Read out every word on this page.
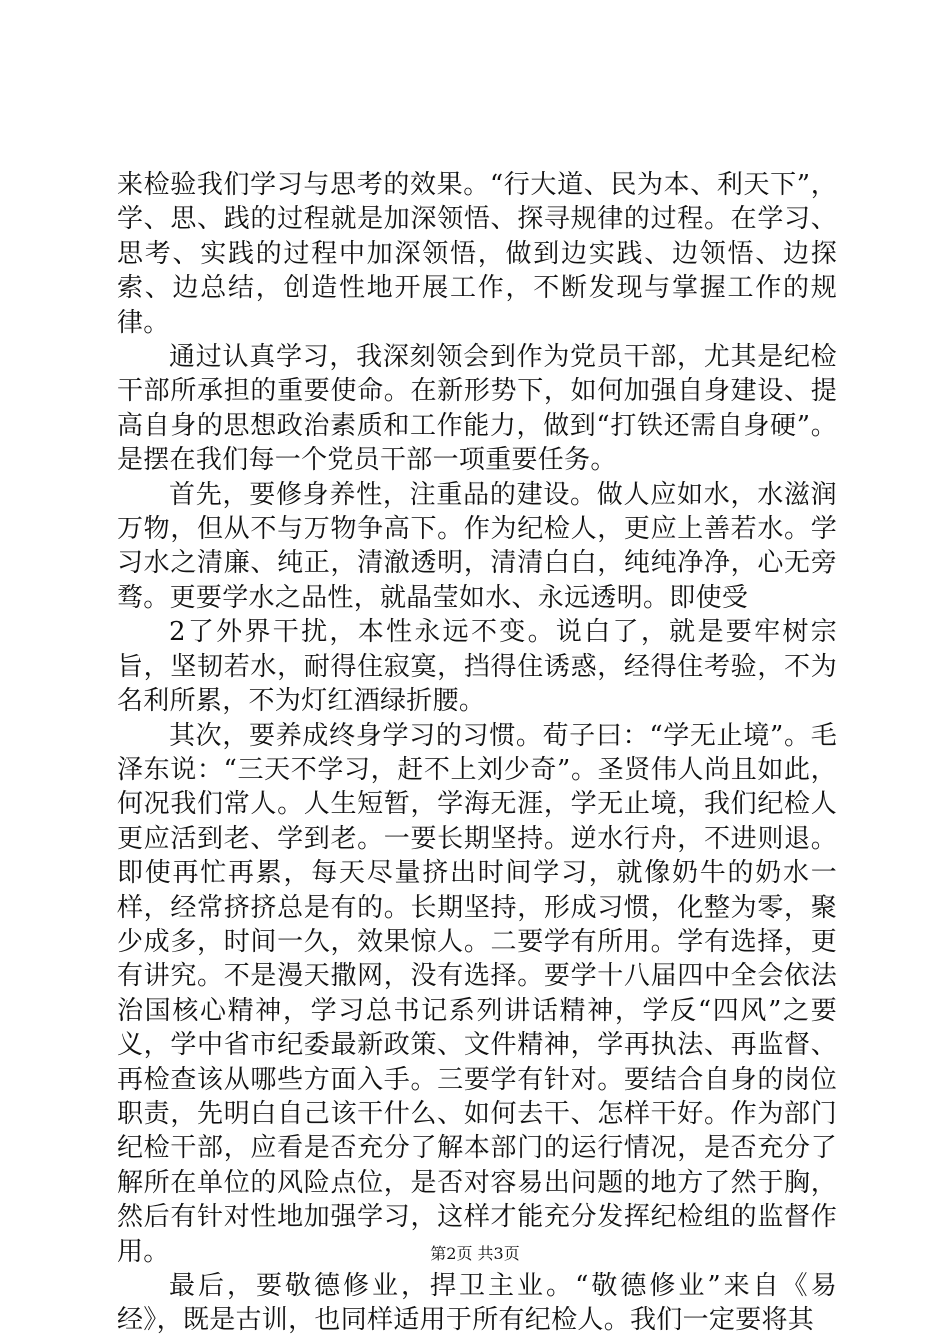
来检验我们学习与思考的效果。“行大道、民为本、利天下”，学、思、践的过程就是加深领悟、探寻规律的过程。在学习、思考、实践的过程中加深领悟，做到边实践、边领悟、边探索、边总结，创造性地开展工作，不断发现与掌握工作的规律。

通过认真学习，我深刻领会到作为党员干部，尤其是纪检干部所承担的重要使命。在新形势下，如何加强自身建设、提高自身的思想政治素质和工作能力，做到“打铁还需自身硬”。是摆在我们每一个党员干部一项重要任务。

首先，要修身养性，注重品的建设。做人应如水，水滋润万物，但从不与万物争高下。作为纪检人，更应上善若水。学习水之清廉、纯正，清澈透明，清清白白，纯纯净净，心无旁骛。更要学水之品性，就晶莹如水、永远透明。即使受

2了外界干扰，本性永远不变。说白了，就是要牢树宗旨，坚韧若水，耐得住寂寞，挡得住诱惑，经得住考验，不为名利所累，不为灯红酒绿折腰。

其次，要养成终身学习的习惯。荀子曰：“学无止境”。毛泽东说：“三天不学习，赶不上刘少奇”。圣贤伟人尚且如此，何况我们常人。人生短暂，学海无涯，学无止境，我们纪检人更应活到老、学到老。一要长期坚持。逆水行舟，不进则退。即使再忙再累，每天尽量挤出时间学习，就像奶牛的奶水一样，经常挤挤总是有的。长期坚持，形成习惯，化整为零，聚少成多，时间一久，效果惊人。二要学有所用。学有选择，更有讲究。不是漫天撒网，没有选择。要学十八届四中全会依法治国核心精神，学习总书记系列讲话精神，学反“四风”之要义，学中省市纪委最新政策、文件精神，学再执法、再监督、再检查该从哪些方面入手。三要学有针对。要结合自身的岗位职责，先明白自己该干什么、如何去干、怎样干好。作为部门纪检干部，应看是否充分了解本部门的运行情况，是否充分了解所在单位的风险点位，是否对容易出问题的地方了然于胸，然后有针对性地加强学习，这样才能充分发挥纪检组的监督作用。

最后，要敬德修业，捍卫主业。“敬德修业”来自《易经》，既是古训，也同样适用于所有纪检人。我们一定要将其

第2页 共3页
